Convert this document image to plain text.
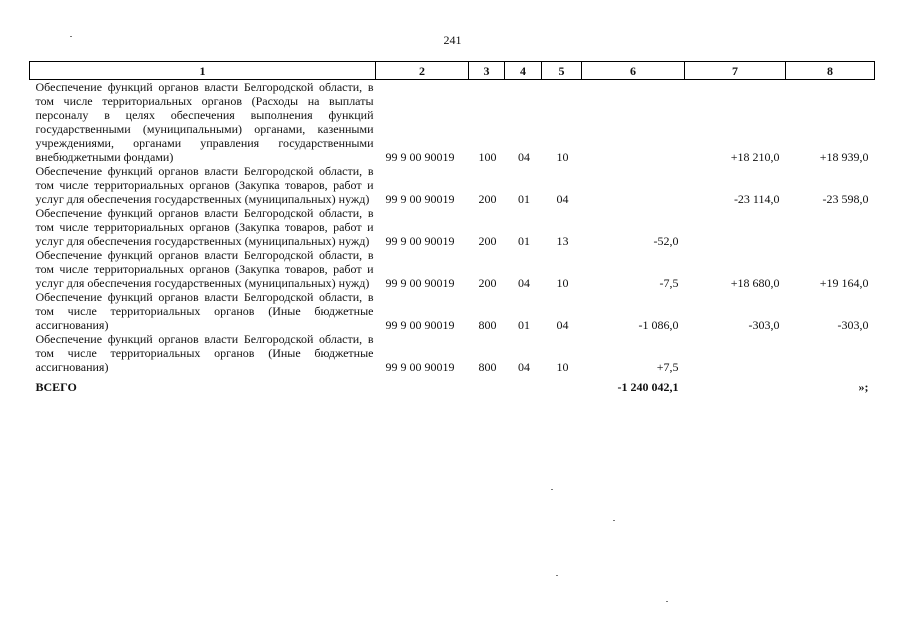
241
1	2	3	4	5	6	7	8
Обеспечение функций органов власти Белгородской области, в том числе территориальных органов (Расходы на выплаты персоналу в целях обеспечения выполнения функций государственными (муниципальными) органами, казенными учреждениями, органами управления государственными внебюджетными фондами)	99 9 00 90019	100	04	10		+18 210,0	+18 939,0
Обеспечение функций органов власти Белгородской области, в том числе территориальных органов (Закупка товаров, работ и услуг для обеспечения государственных (муниципальных) нужд)	99 9 00 90019	200	01	04		-23 114,0	-23 598,0
Обеспечение функций органов власти Белгородской области, в том числе территориальных органов (Закупка товаров, работ и услуг для обеспечения государственных (муниципальных) нужд)	99 9 00 90019	200	01	13	-52,0		
Обеспечение функций органов власти Белгородской области, в том числе территориальных органов (Закупка товаров, работ и услуг для обеспечения государственных (муниципальных) нужд)	99 9 00 90019	200	04	10	-7,5	+18 680,0	+19 164,0
Обеспечение функций органов власти Белгородской области, в том числе территориальных органов (Иные бюджетные ассигнования)	99 9 00 90019	800	01	04	-1 086,0	-303,0	-303,0
Обеспечение функций органов власти Белгородской области, в том числе территориальных органов (Иные бюджетные ассигнования)	99 9 00 90019	800	04	10	+7,5		
ВСЕГО					-1 240 042,1		»;
